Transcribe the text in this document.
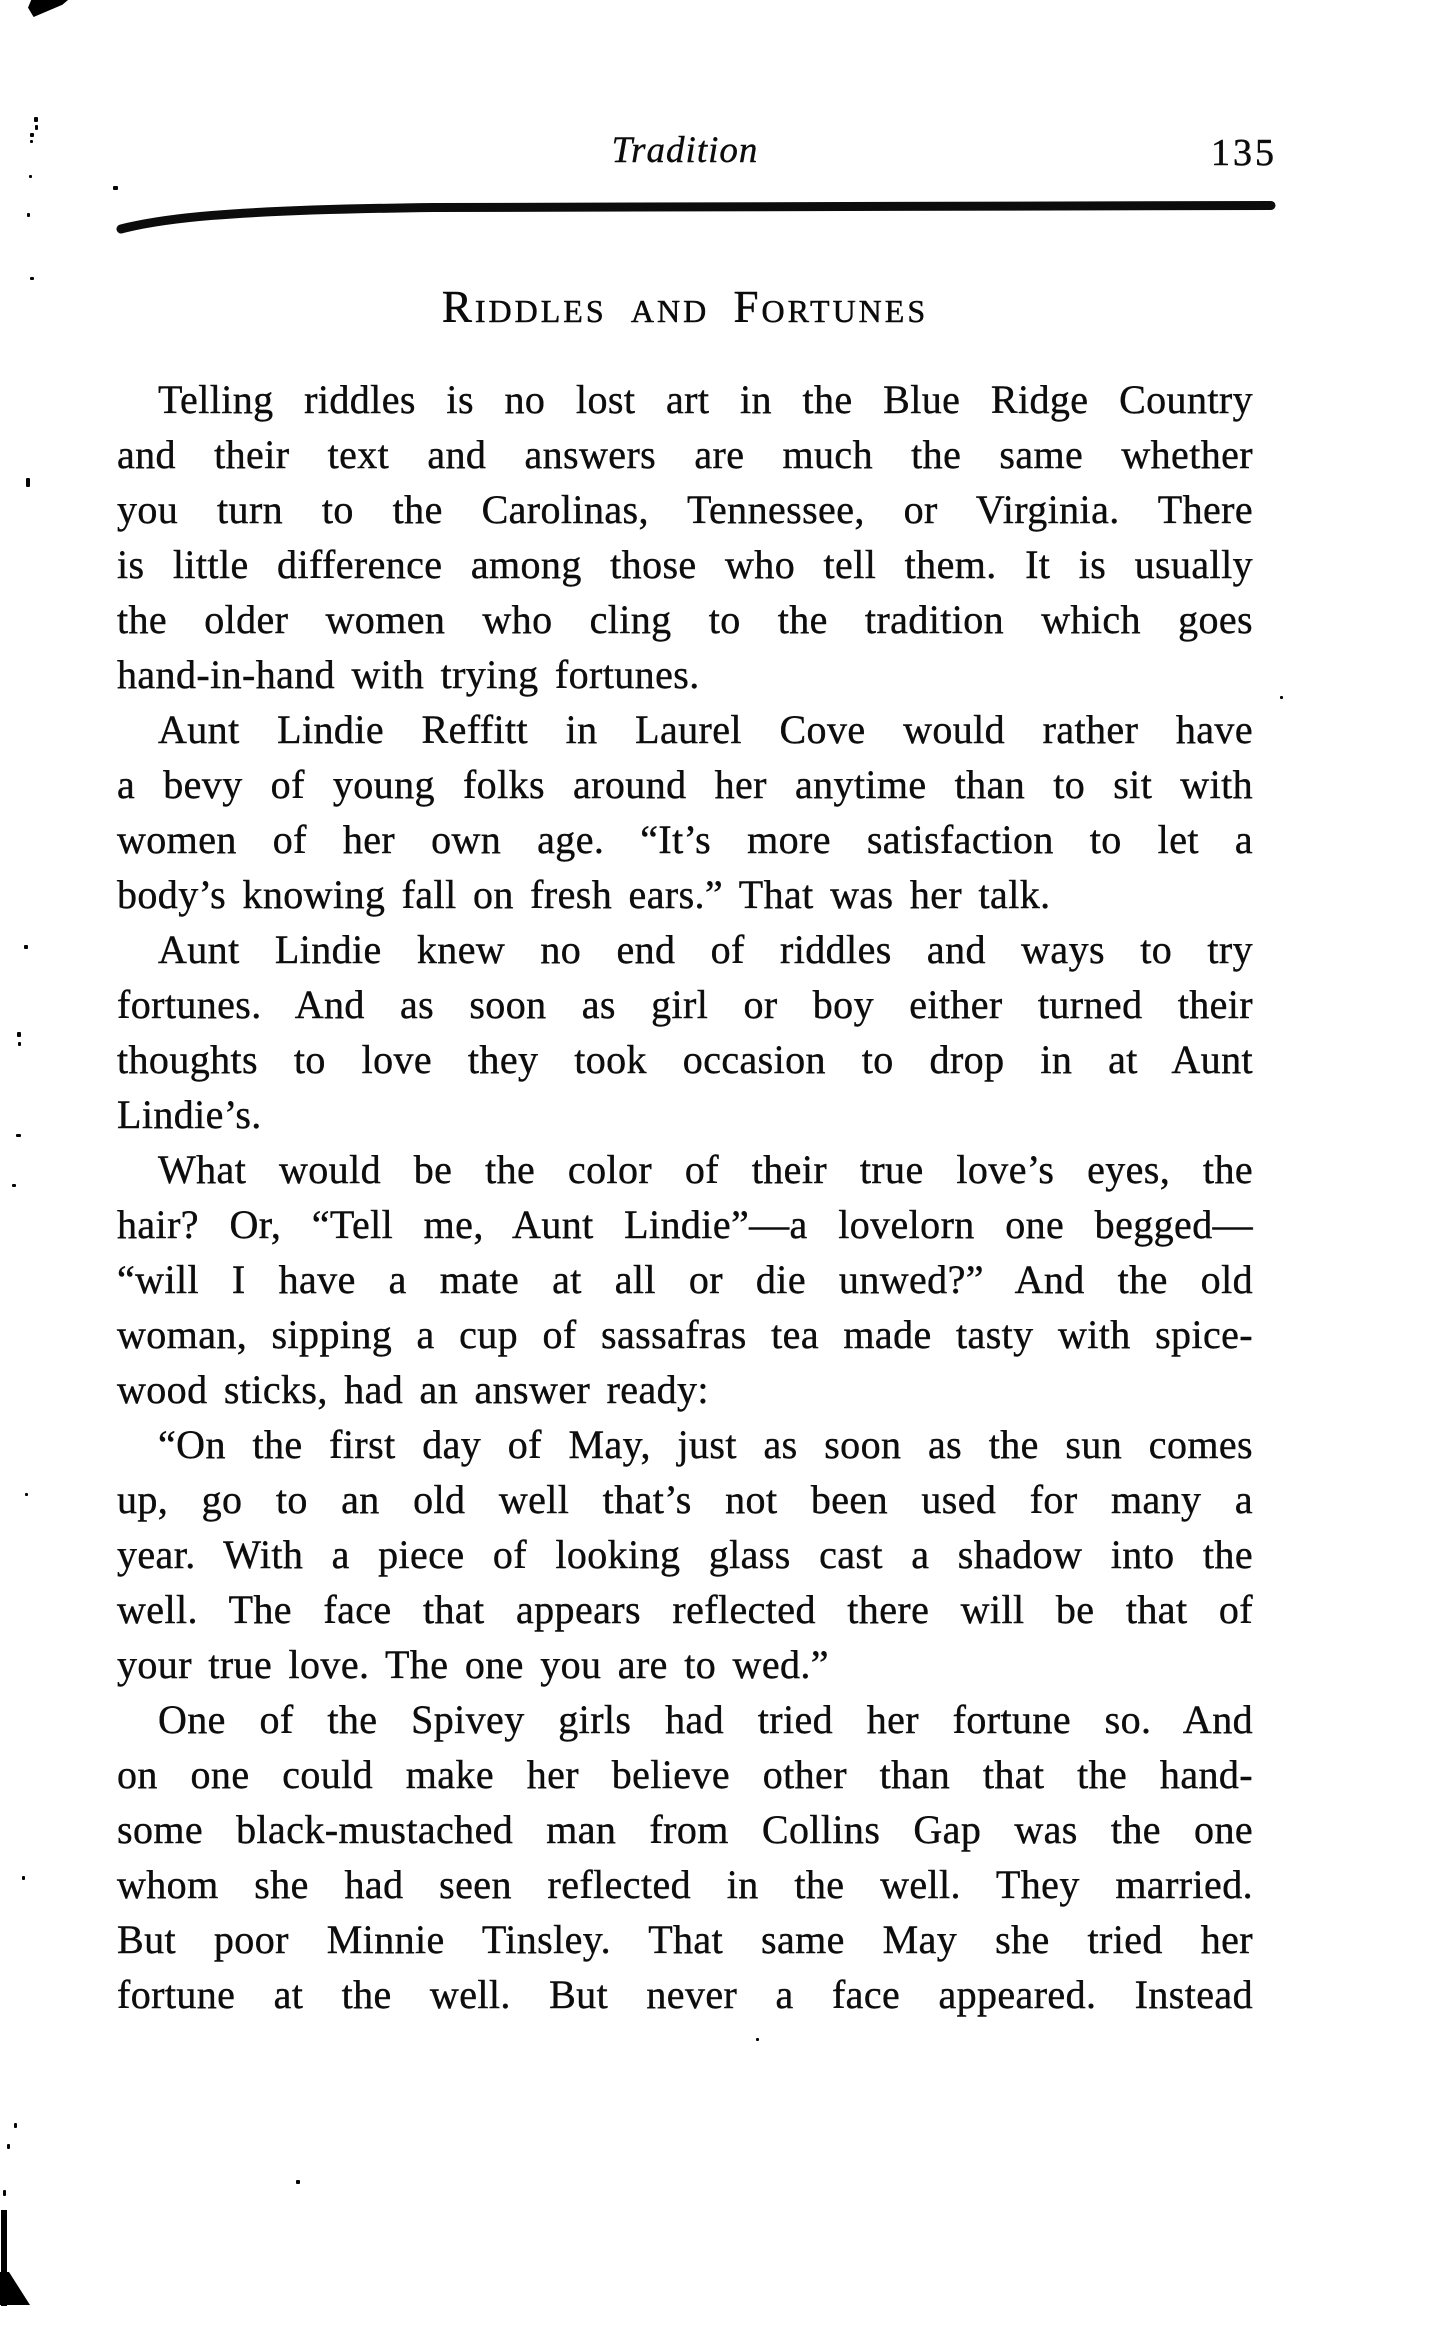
Tradition	135
Riddles and Fortunes
Telling riddles is no lost art in the Blue Ridge Country
and their text and answers are much the same whether
you turn to the Carolinas, Tennessee, or Virginia. There
is little difference among those who tell them. It is usually
the older women who cling to the tradition which goes
hand-in-hand with trying fortunes.
Aunt Lindie Reffitt in Laurel Cove would rather have
a bevy of young folks around her anytime than to sit with
women of her own age. “It’s more satisfaction to let a
body’s knowing fall on fresh ears.” That was her talk.
Aunt Lindie knew no end of riddles and ways to try
fortunes. And as soon as girl or boy either turned their
thoughts to love they took occasion to drop in at Aunt
Lindie’s.
What would be the color of their true love’s eyes, the
hair? Or, “Tell me, Aunt Lindie”—a lovelorn one begged—
“will I have a mate at all or die unwed?” And the old
woman, sipping a cup of sassafras tea made tasty with spice-
wood sticks, had an answer ready:
“On the first day of May, just as soon as the sun comes
up, go to an old well that’s not been used for many a
year. With a piece of looking glass cast a shadow into the
well. The face that appears reflected there will be that of
your true love. The one you are to wed.”
One of the Spivey girls had tried her fortune so. And
on one could make her believe other than that the hand-
some black-mustached man from Collins Gap was the one
whom she had seen reflected in the well. They married.
But poor Minnie Tinsley. That same May she tried her
fortune at the well. But never a face appeared. Instead
